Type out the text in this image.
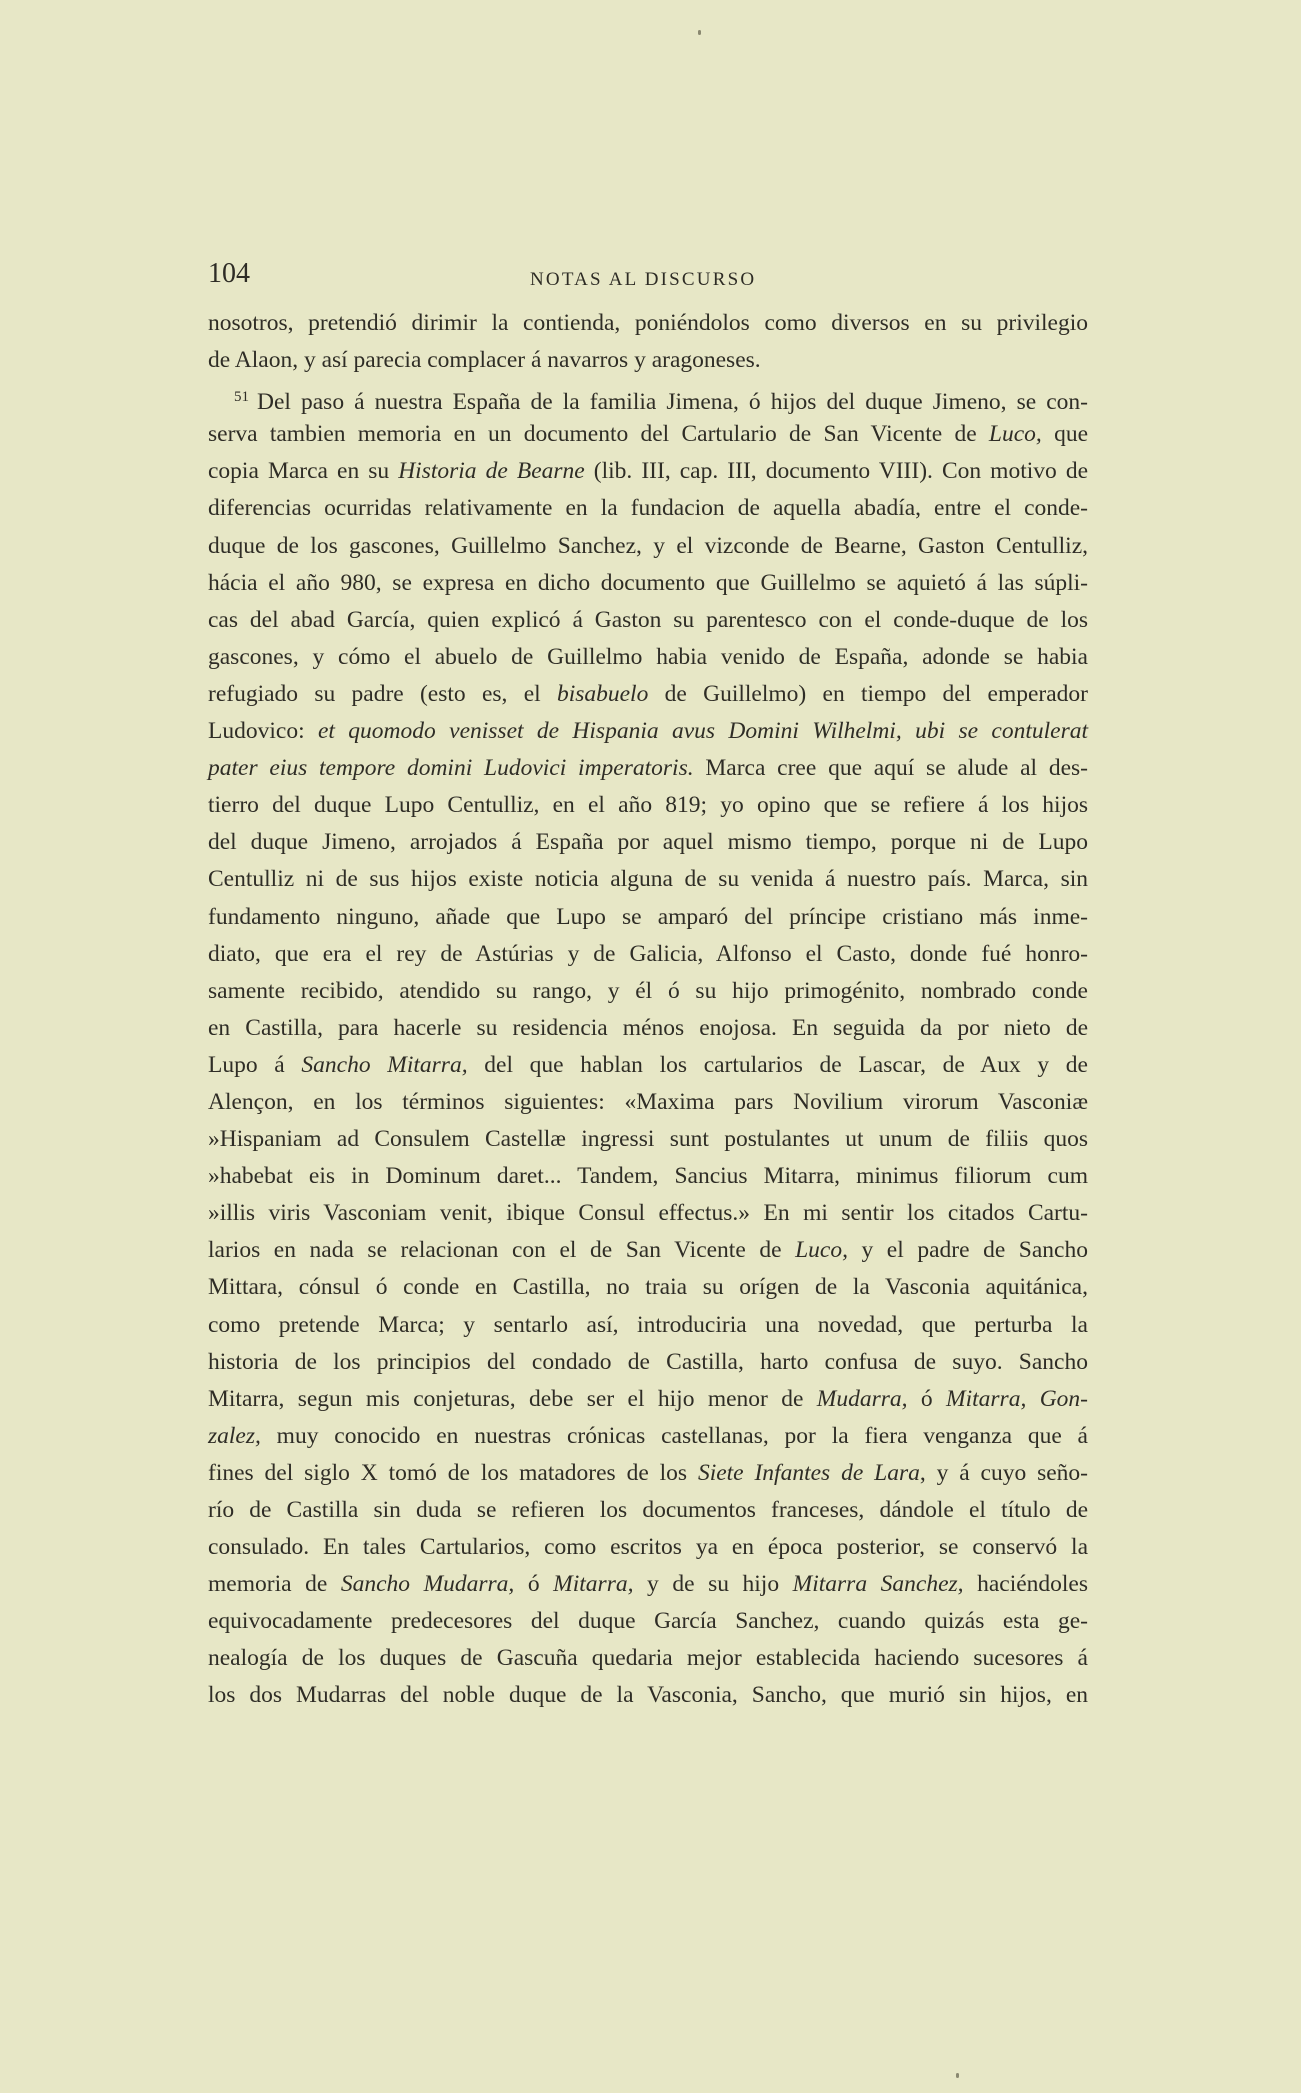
104	NOTAS AL DISCURSO
nosotros, pretendió dirimir la contienda, poniéndolos como diversos en su privilegio
de Alaon, y así parecia complacer á navarros y aragoneses.
$^{51}$ Del paso á nuestra España de la familia Jimena, ó hijos del duque Jimeno, se con-
serva tambien memoria en un documento del Cartulario de San Vicente de Luco, que
copia Marca en su Historia de Bearne (lib. III, cap. III, documento VIII). Con motivo de
diferencias ocurridas relativamente en la fundacion de aquella abadía, entre el conde-
duque de los gascones, Guillelmo Sanchez, y el vizconde de Bearne, Gaston Centulliz,
hácia el año 980, se expresa en dicho documento que Guillelmo se aquietó á las súpli-
cas del abad García, quien explicó á Gaston su parentesco con el conde-duque de los
gascones, y cómo el abuelo de Guillelmo habia venido de España, adonde se habia
refugiado su padre (esto es, el bisabuelo de Guillelmo) en tiempo del emperador
Ludovico: et quomodo venisset de Hispania avus Domini Wilhelmi, ubi se contulerat
pater eius tempore domini Ludovici imperatoris. Marca cree que aquí se alude al des-
tierro del duque Lupo Centulliz, en el año 819; yo opino que se refiere á los hijos
del duque Jimeno, arrojados á España por aquel mismo tiempo, porque ni de Lupo
Centulliz ni de sus hijos existe noticia alguna de su venida á nuestro país. Marca, sin
fundamento ninguno, añade que Lupo se amparó del príncipe cristiano más inme-
diato, que era el rey de Astúrias y de Galicia, Alfonso el Casto, donde fué honro-
samente recibido, atendido su rango, y él ó su hijo primogénito, nombrado conde
en Castilla, para hacerle su residencia ménos enojosa. En seguida da por nieto de
Lupo á Sancho Mitarra, del que hablan los cartularios de Lascar, de Aux y de
Alençon, en los términos siguientes: «Maxima pars Novilium virorum Vasconiæ
»Hispaniam ad Consulem Castellæ ingressi sunt postulantes ut unum de filiis quos
»habebat eis in Dominum daret... Tandem, Sancius Mitarra, minimus filiorum cum
»illis viris Vasconiam venit, ibique Consul effectus.» En mi sentir los citados Cartu-
larios en nada se relacionan con el de San Vicente de Luco, y el padre de Sancho
Mittara, cónsul ó conde en Castilla, no traia su orígen de la Vasconia aquitánica,
como pretende Marca; y sentarlo así, introduciria una novedad, que perturba la
historia de los principios del condado de Castilla, harto confusa de suyo. Sancho
Mitarra, segun mis conjeturas, debe ser el hijo menor de Mudarra, ó Mitarra, Gon-
zalez, muy conocido en nuestras crónicas castellanas, por la fiera venganza que á
fines del siglo X tomó de los matadores de los Siete Infantes de Lara, y á cuyo seño-
río de Castilla sin duda se refieren los documentos franceses, dándole el título de
consulado. En tales Cartularios, como escritos ya en época posterior, se conservó la
memoria de Sancho Mudarra, ó Mitarra, y de su hijo Mitarra Sanchez, haciéndoles
equivocadamente predecesores del duque García Sanchez, cuando quizás esta ge-
nealogía de los duques de Gascuña quedaria mejor establecida haciendo sucesores á
los dos Mudarras del noble duque de la Vasconia, Sancho, que murió sin hijos, en
